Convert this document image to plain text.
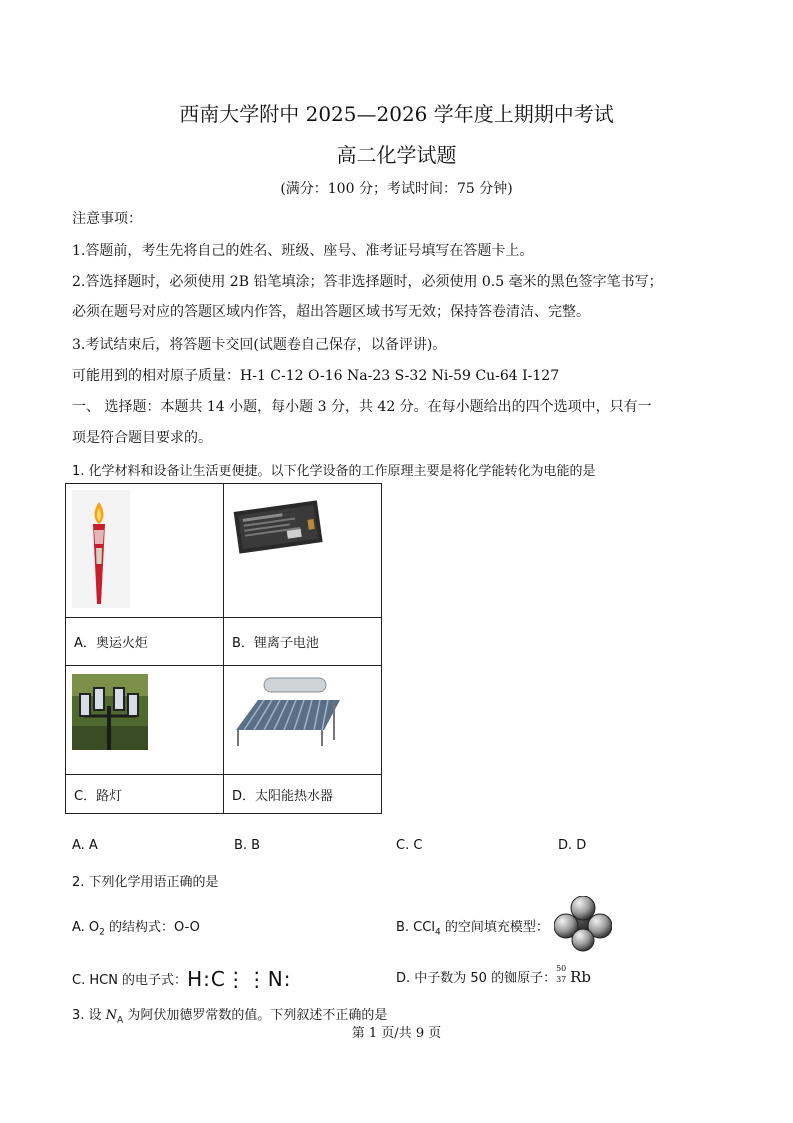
西南大学附中 2025—2026 学年度上期期中考试
高二化学试题
(满分：100 分；考试时间：75 分钟)
注意事项：
1.答题前，考生先将自己的姓名、班级、座号、准考证号填写在答题卡上。
2.答选择题时，必须使用 2B 铅笔填涂；答非选择题时，必须使用 0.5 毫米的黑色签字笔书写；
必须在题号对应的答题区域内作答，超出答题区域书写无效；保持答卷清洁、完整。
3.考试结束后，将答题卡交回(试题卷自己保存，以备评讲)。
可能用到的相对原子质量：H-1 C-12 O-16 Na-23 S-32 Ni-59 Cu-64 I-127
一、 选择题：本题共 14 小题，每小题 3 分，共 42 分。在每小题给出的四个选项中，只有一
项是符合题目要求的。
1. 化学材料和设备让生活更便捷。以下化学设备的工作原理主要是将化学能转化为电能的是

A．奥运火炬	B．锂离子电池

C．路灯	D．太阳能热水器
A. A	B. B	C. C	D. D
2. 下列化学用语正确的是
A. $O_2$ 的结构式：O-O	B. CCl$_4$ 的空间填充模型：
C. HCN 的电子式：H:C⋮⋮N:	D. 中子数为 50 的铷原子：
50
37 Rb
3. 设 $N_A$ 为阿伏加德罗常数的值。下列叙述不正确的是
第 1 页/共 9 页
